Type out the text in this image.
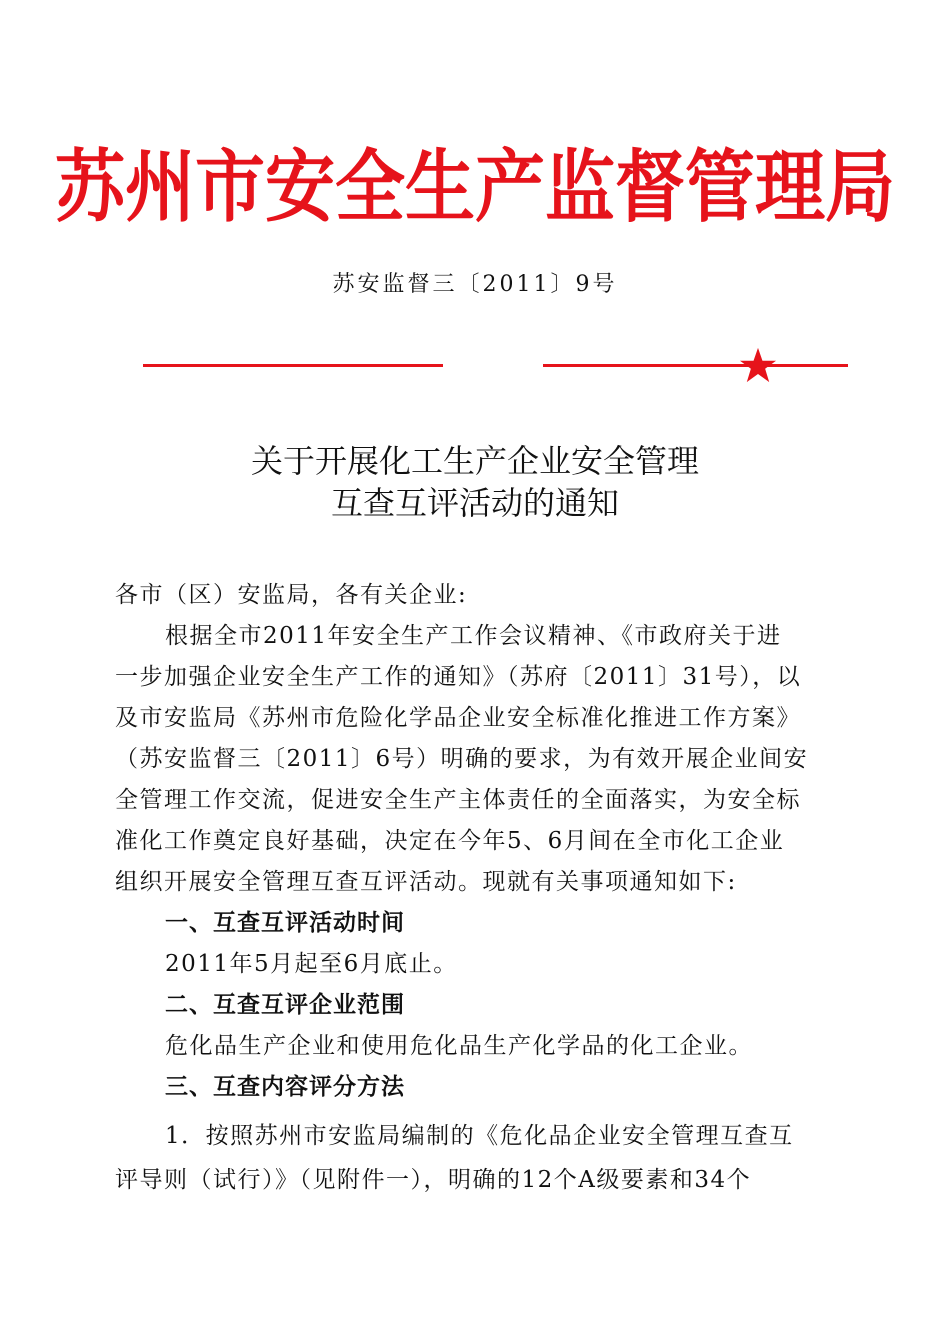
苏州市安全生产监督管理局
苏安监督三〔2011〕9号
关于开展化工生产企业安全管理
互查互评活动的通知
各市（区）安监局，各有关企业:
根据全市2011年安全生产工作会议精神、《市政府关于进
一步加强企业安全生产工作的通知》（苏府〔2011〕31号），以
及市安监局《苏州市危险化学品企业安全标准化推进工作方案》
（苏安监督三〔2011〕6号）明确的要求，为有效开展企业间安
全管理工作交流，促进安全生产主体责任的全面落实，为安全标
准化工作奠定良好基础，决定在今年5、6月间在全市化工企业
组织开展安全管理互查互评活动。现就有关事项通知如下:
一、互查互评活动时间
2011年5月起至6月底止。
二、互查互评企业范围
危化品生产企业和使用危化品生产化学品的化工企业。
三、互查内容评分方法
1．按照苏州市安监局编制的《危化品企业安全管理互查互
评导则（试行）》（见附件一），明确的12个A级要素和34个
